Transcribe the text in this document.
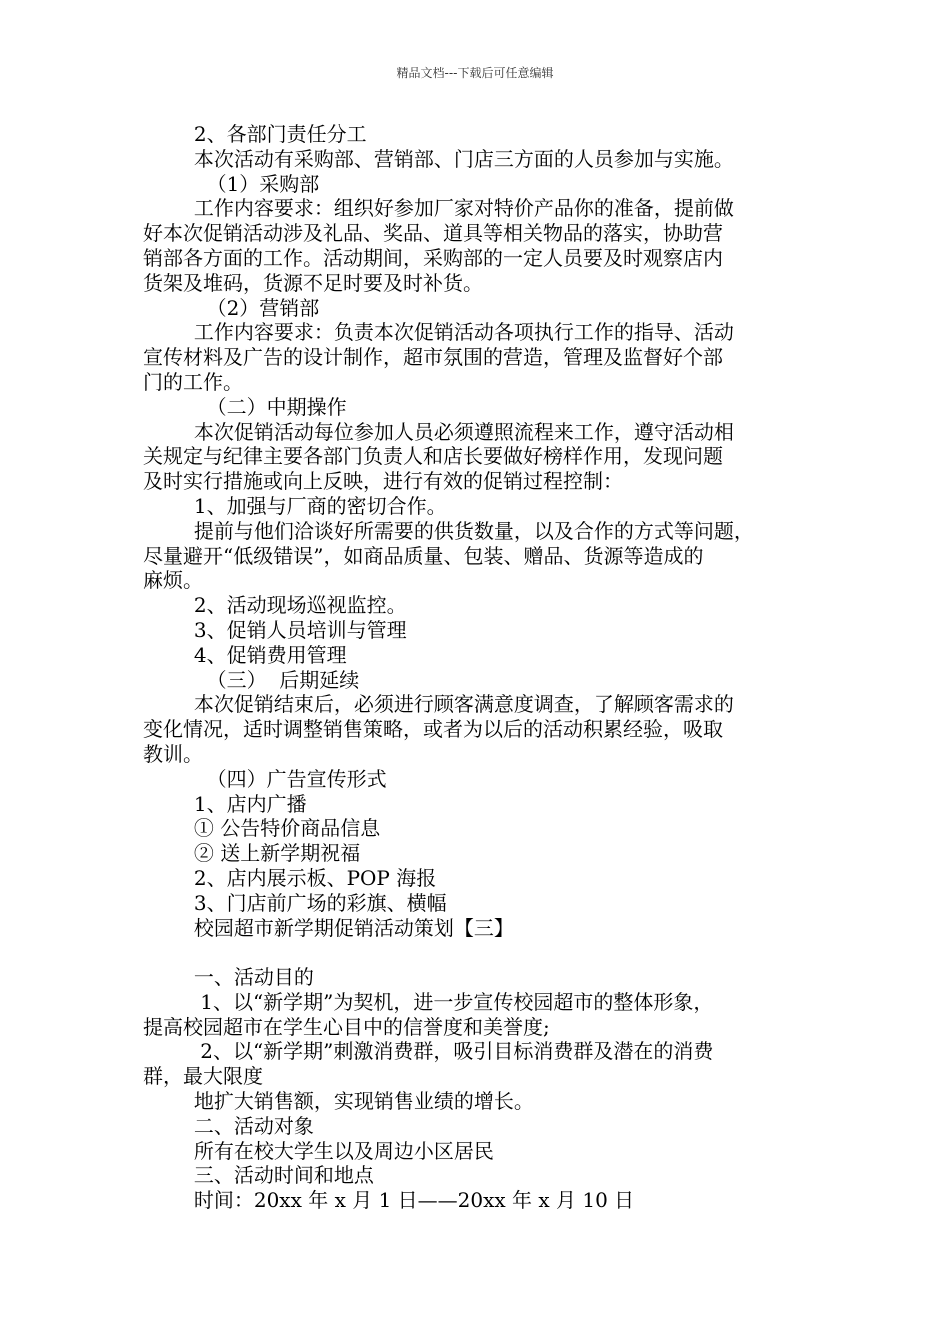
精品文档---下载后可任意编辑

2、各部门责任分工

本次活动有采购部、营销部、门店三方面的人员参加与实施。

（1）采购部

工作内容要求：组织好参加厂家对特价产品你的准备，提前做

好本次促销活动涉及礼品、奖品、道具等相关物品的落实，协助营

销部各方面的工作。活动期间，采购部的一定人员要及时观察店内

货架及堆码，货源不足时要及时补货。

（2）营销部

工作内容要求：负责本次促销活动各项执行工作的指导、活动

宣传材料及广告的设计制作，超市氛围的营造，管理及监督好个部

门的工作。

（二）中期操作

本次促销活动每位参加人员必须遵照流程来工作，遵守活动相

关规定与纪律主要各部门负责人和店长要做好榜样作用，发现问题

及时实行措施或向上反映，进行有效的促销过程控制：

1、加强与厂商的密切合作。

提前与他们洽谈好所需要的供货数量，以及合作的方式等问题，

尽量避开“低级错误”，如商品质量、包装、赠品、货源等造成的

麻烦。

2、活动现场巡视监控。

3、促销人员培训与管理

4、促销费用管理

（三）  后期延续

本次促销结束后，必须进行顾客满意度调查，了解顾客需求的

变化情况，适时调整销售策略，或者为以后的活动积累经验，吸取

教训。

（四）广告宣传形式

1、店内广播

① 公告特价商品信息

② 送上新学期祝福

2、店内展示板、POP 海报

3、门店前广场的彩旗、横幅

校园超市新学期促销活动策划【三】

一、活动目的

1、以“新学期”为契机，进一步宣传校园超市的整体形象，

提高校园超市在学生心目中的信誉度和美誉度;

2、以“新学期”刺激消费群，吸引目标消费群及潜在的消费

群，最大限度

地扩大销售额，实现销售业绩的增长。

二、活动对象

所有在校大学生以及周边小区居民

三、活动时间和地点

时间：20xx 年 x 月 1 日——20xx 年 x 月 10 日
